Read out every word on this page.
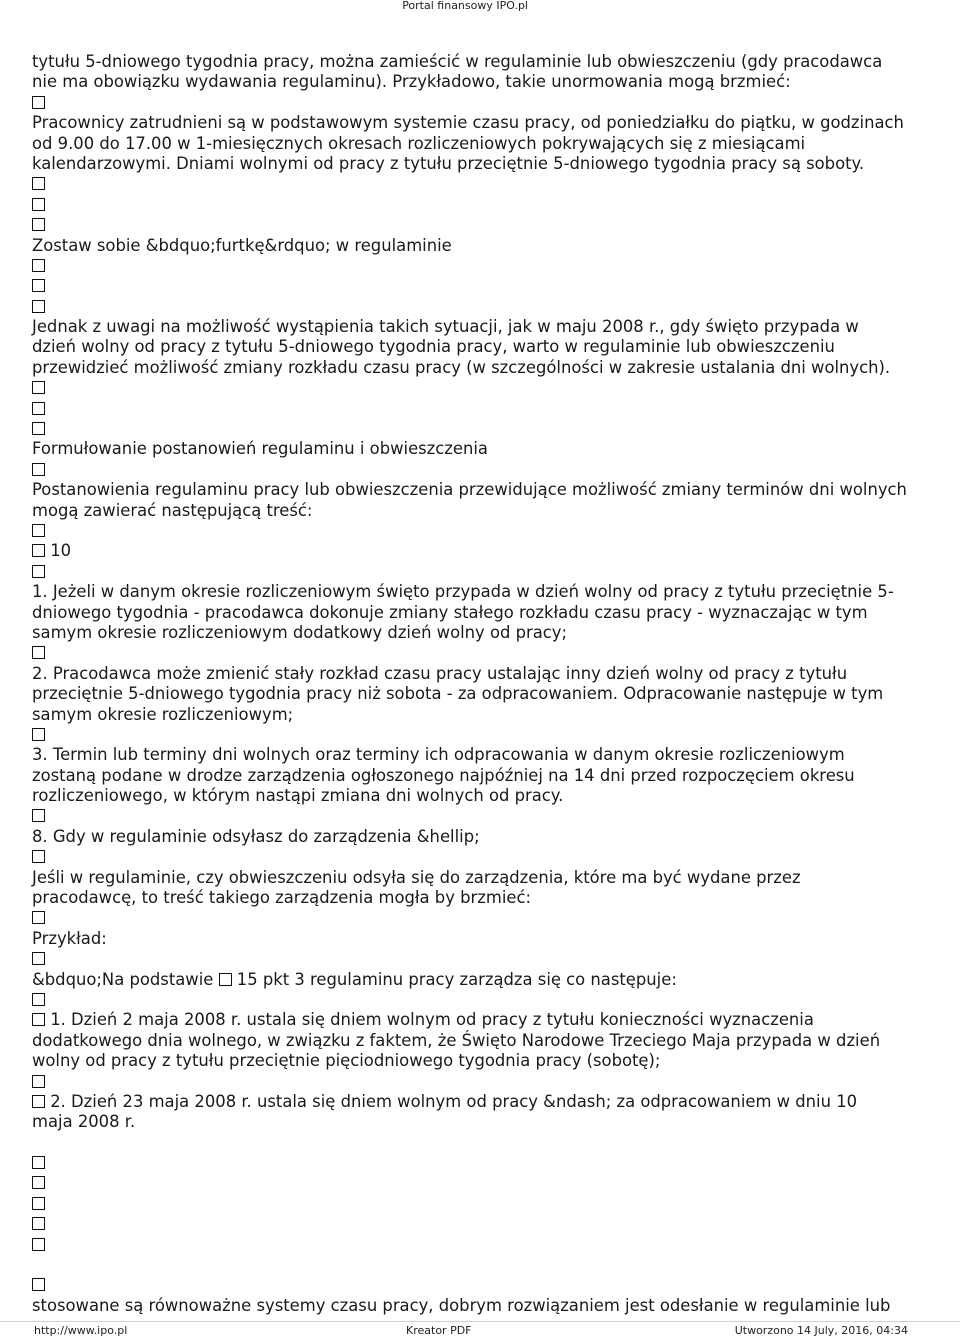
Portal finansowy IPO.pl
tytułu 5-dniowego tygodnia pracy, można zamieścić w regulaminie lub obwieszczeniu (gdy pracodawca
nie ma obowiązku wydawania regulaminu). Przykładowo, takie unormowania mogą brzmieć:
Pracownicy zatrudnieni są w podstawowym systemie czasu pracy, od poniedziałku do piątku, w godzinach
od 9.00 do 17.00 w 1-miesięcznych okresach rozliczeniowych pokrywających się z miesiącami
kalendarzowymi. Dniami wolnymi od pracy z tytułu przeciętnie 5-dniowego tygodnia pracy są soboty.
Zostaw sobie &bdquo;furtkę&rdquo; w regulaminie
Jednak z uwagi na możliwość wystąpienia takich sytuacji, jak w maju 2008 r., gdy święto przypada w
dzień wolny od pracy z tytułu 5-dniowego tygodnia pracy, warto w regulaminie lub obwieszczeniu
przewidzieć możliwość zmiany rozkładu czasu pracy (w szczególności w zakresie ustalania dni wolnych).
Formułowanie postanowień regulaminu i obwieszczenia
Postanowienia regulaminu pracy lub obwieszczenia przewidujące możliwość zmiany terminów dni wolnych
mogą zawierać następującą treść:
10
1. Jeżeli w danym okresie rozliczeniowym święto przypada w dzień wolny od pracy z tytułu przeciętnie 5-
dniowego tygodnia - pracodawca dokonuje zmiany stałego rozkładu czasu pracy - wyznaczając w tym
samym okresie rozliczeniowym dodatkowy dzień wolny od pracy;
2. Pracodawca może zmienić stały rozkład czasu pracy ustalając inny dzień wolny od pracy z tytułu
przeciętnie 5-dniowego tygodnia pracy niż sobota - za odpracowaniem. Odpracowanie następuje w tym
samym okresie rozliczeniowym;
3. Termin lub terminy dni wolnych oraz terminy ich odpracowania w danym okresie rozliczeniowym
zostaną podane w drodze zarządzenia ogłoszonego najpóźniej na 14 dni przed rozpoczęciem okresu
rozliczeniowego, w którym nastąpi zmiana dni wolnych od pracy.
8. Gdy w regulaminie odsyłasz do zarządzenia &hellip;
Jeśli w regulaminie, czy obwieszczeniu odsyła się do zarządzenia, które ma być wydane przez
pracodawcę, to treść takiego zarządzenia mogła by brzmieć:
Przykład:
&bdquo;Na podstawie  15 pkt 3 regulaminu pracy zarządza się co następuje:
1. Dzień 2 maja 2008 r. ustala się dniem wolnym od pracy z tytułu konieczności wyznaczenia
dodatkowego dnia wolnego, w związku z faktem, że Święto Narodowe Trzeciego Maja przypada w dzień
wolny od pracy z tytułu przeciętnie pięciodniowego tygodnia pracy (sobotę);
2. Dzień 23 maja 2008 r. ustala się dniem wolnym od pracy &ndash; za odpracowaniem w dniu 10
maja 2008 r.
stosowane są równoważne systemy czasu pracy, dobrym rozwiązaniem jest odesłanie w regulaminie lub
http://www.ipo.pl	Kreator PDF	Utworzono 14 July, 2016, 04:34
